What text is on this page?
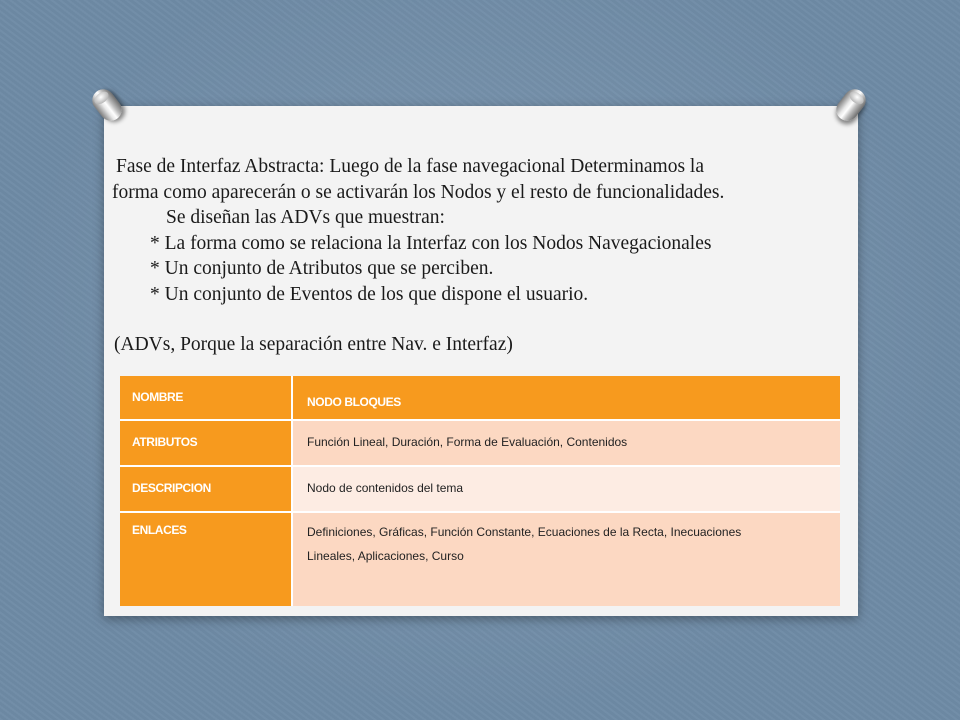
Fase de Interfaz Abstracta: Luego de la fase navegacional Determinamos la

forma como aparecerán o se activarán los Nodos y el resto de funcionalidades.

Se diseñan las ADVs que muestran:

* La forma como se relaciona la Interfaz con los Nodos Navegacionales

* Un conjunto de Atributos que se perciben.

* Un conjunto de Eventos de los que dispone el usuario.

(ADVs, Porque la separación entre Nav. e Interfaz)

NOMBRE	NODO BLOQUES
ATRIBUTOS	Función Lineal, Duración, Forma de Evaluación, Contenidos
DESCRIPCION	Nodo de contenidos del tema
ENLACES	Definiciones, Gráficas, Función Constante, Ecuaciones de la Recta, Inecuaciones Lineales, Aplicaciones, Curso
